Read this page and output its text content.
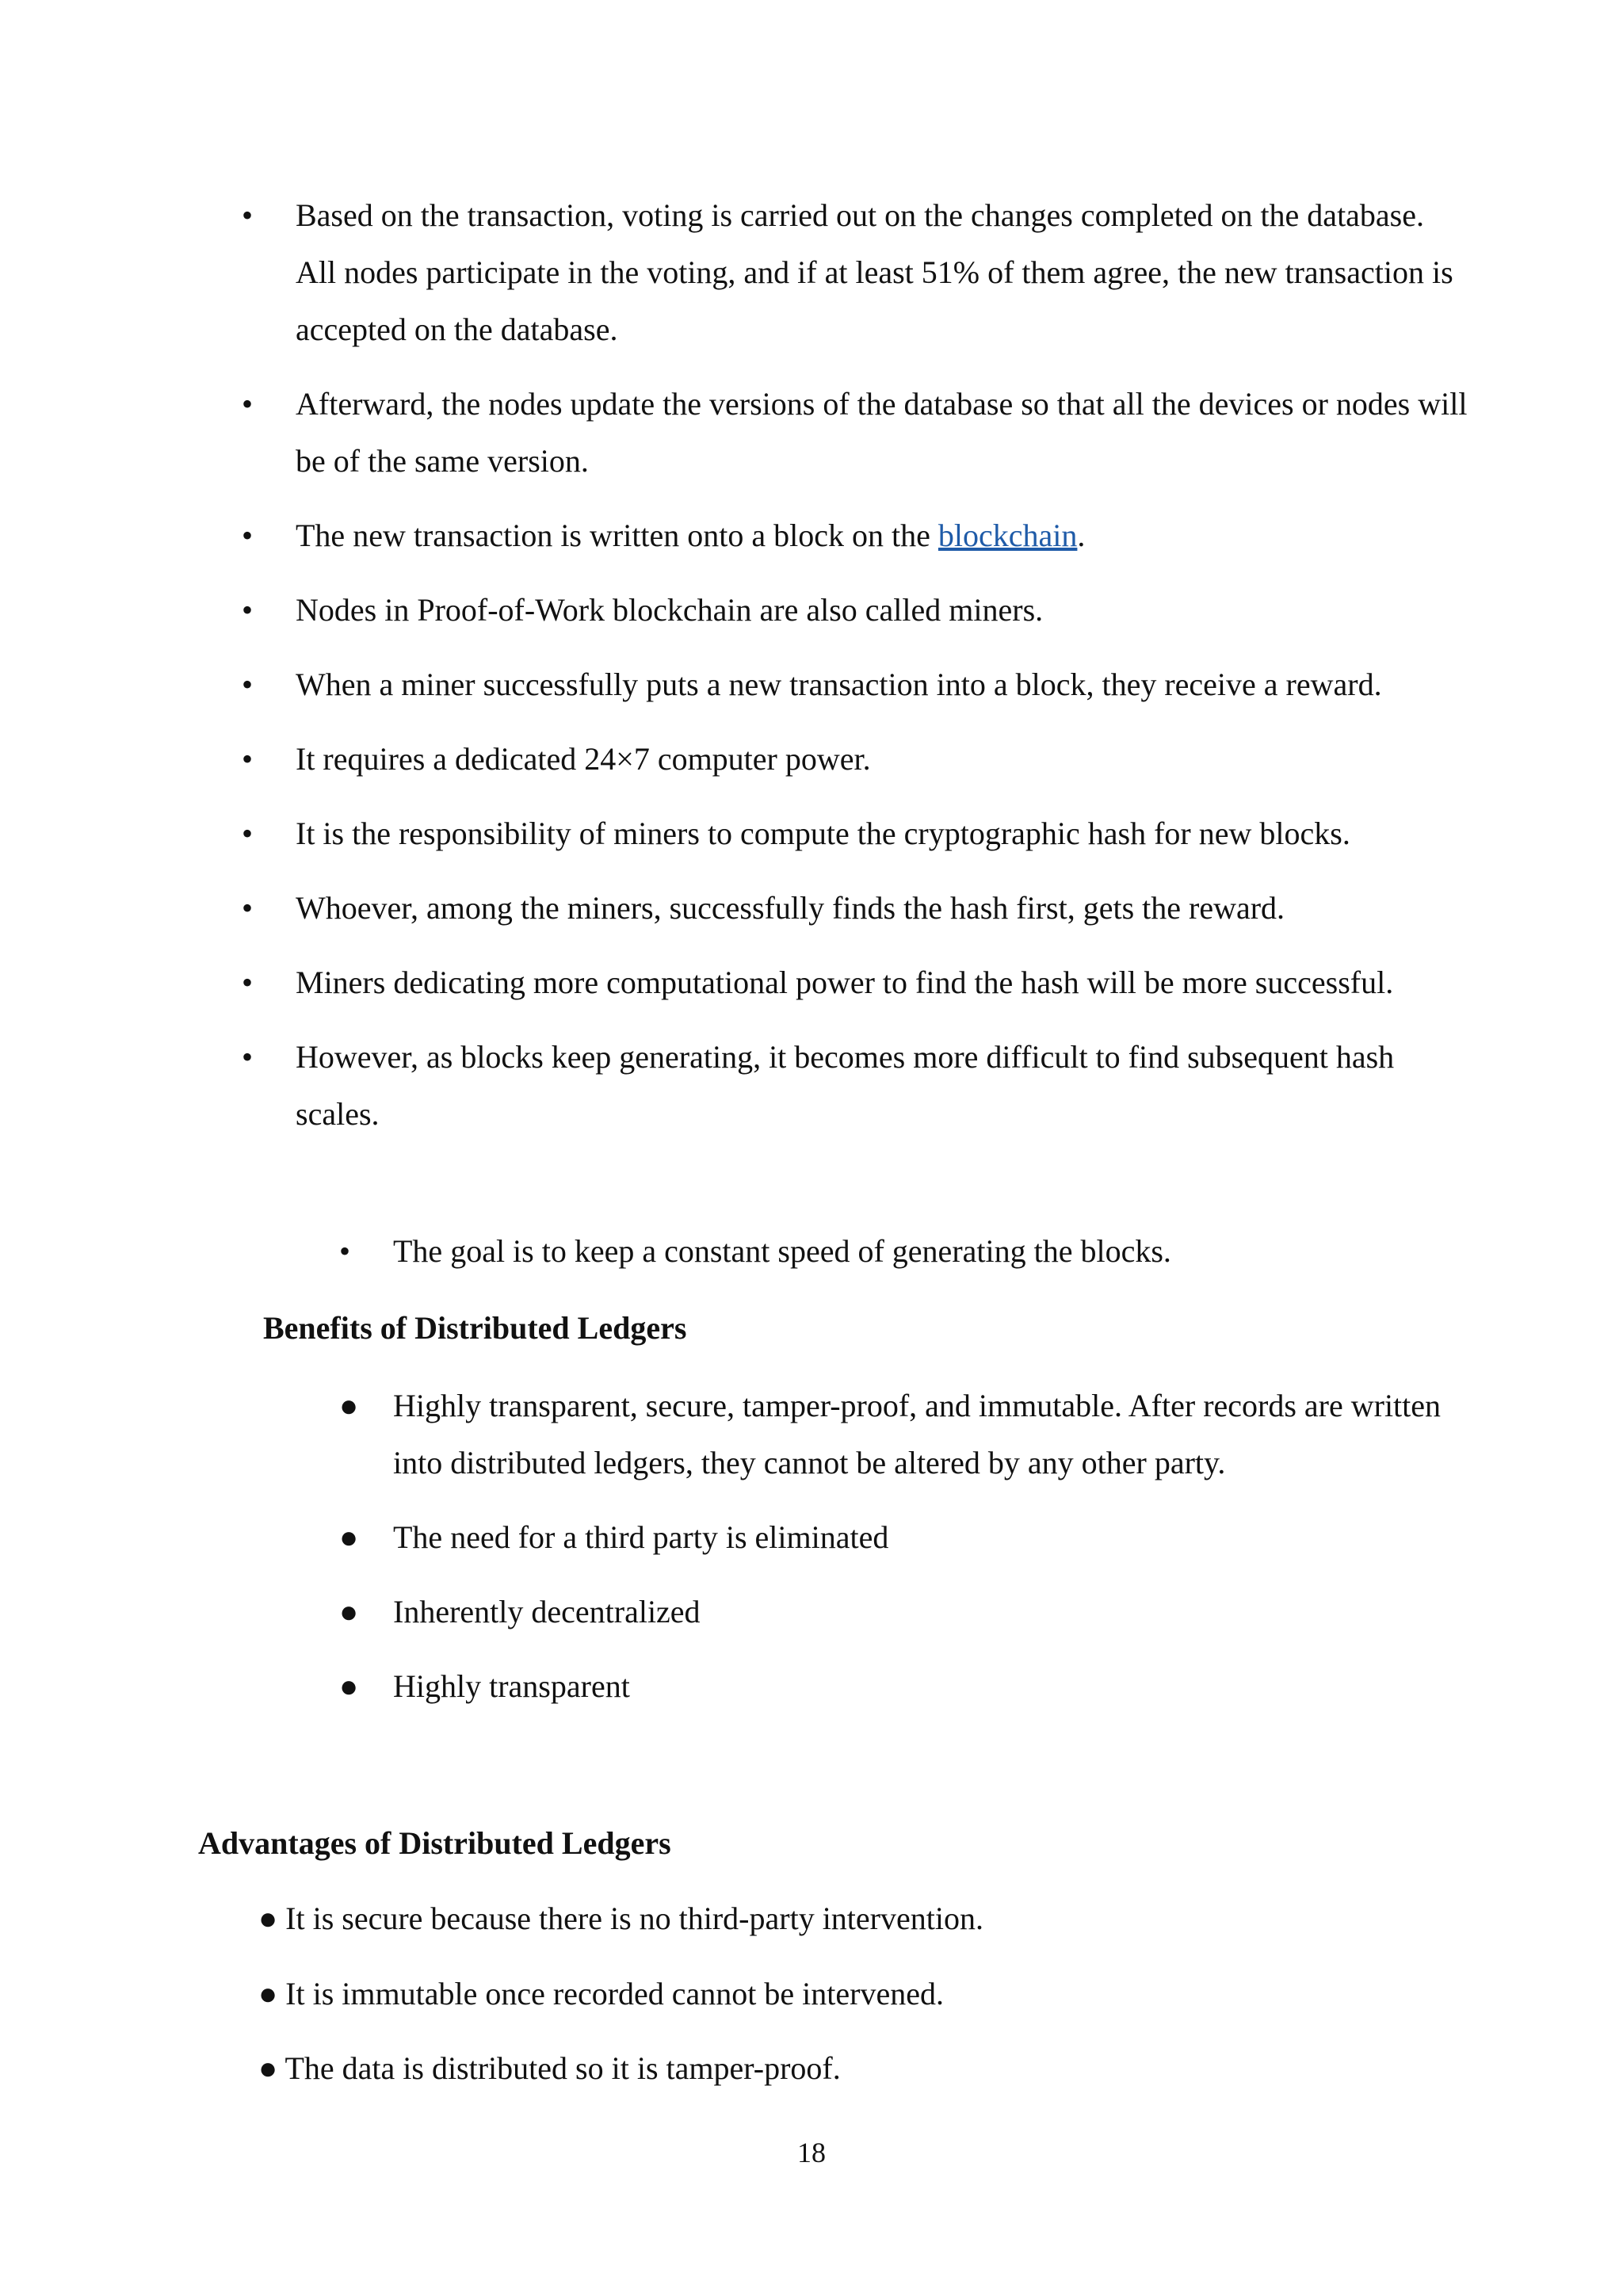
• Based on the transaction, voting is carried out on the changes completed on the database. All nodes participate in the voting, and if at least 51% of them agree, the new transaction is accepted on the database.
• Afterward, the nodes update the versions of the database so that all the devices or nodes will be of the same version.
• The new transaction is written onto a block on the blockchain.
• Nodes in Proof-of-Work blockchain are also called miners.
• When a miner successfully puts a new transaction into a block, they receive a reward.
• It requires a dedicated 24×7 computer power.
• It is the responsibility of miners to compute the cryptographic hash for new blocks.
• Whoever, among the miners, successfully finds the hash first, gets the reward.
• Miners dedicating more computational power to find the hash will be more successful.
• However, as blocks keep generating, it becomes more difficult to find subsequent hash scales.
• The goal is to keep a constant speed of generating the blocks.
Benefits of Distributed Ledgers
● Highly transparent, secure, tamper-proof, and immutable. After records are written into distributed ledgers, they cannot be altered by any other party.
● The need for a third party is eliminated
● Inherently decentralized
● Highly transparent
Advantages of Distributed Ledgers
● It is secure because there is no third-party intervention.
● It is immutable once recorded cannot be intervened.
● The data is distributed so it is tamper-proof.
18
